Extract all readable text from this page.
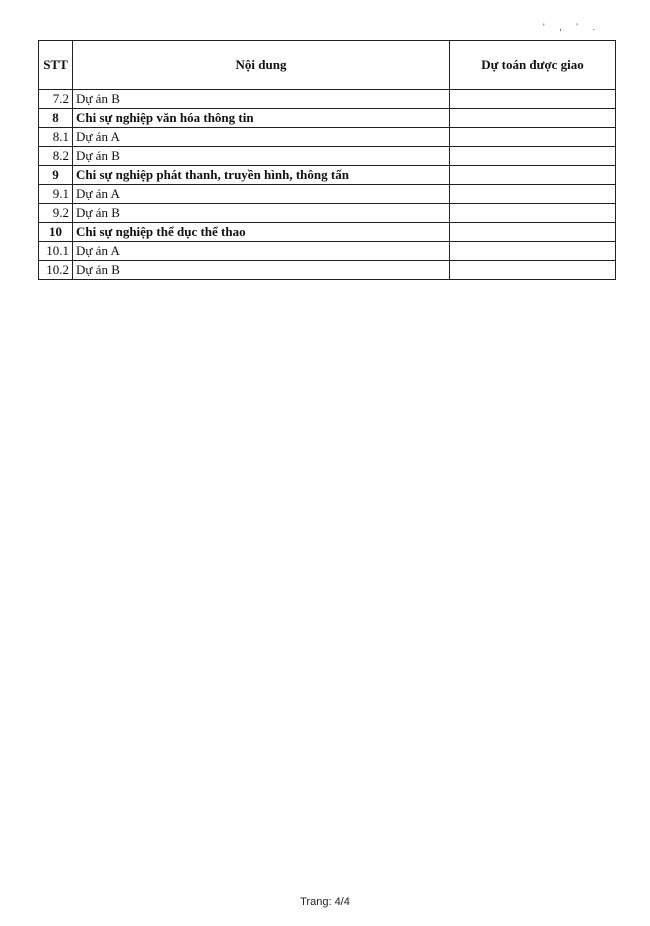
' , ' .
STT	Nội dung	Dự toán được giao
7.2	Dự án B	
8	Chi sự nghiệp văn hóa thông tin	
8.1	Dự án A	
8.2	Dự án B	
9	Chi sự nghiệp phát thanh, truyền hình, thông tấn	
9.1	Dự án A	
9.2	Dự án B	
10	Chi sự nghiệp thể dục thể thao	
10.1	Dự án A	
10.2	Dự án B	
Trang: 4/4
